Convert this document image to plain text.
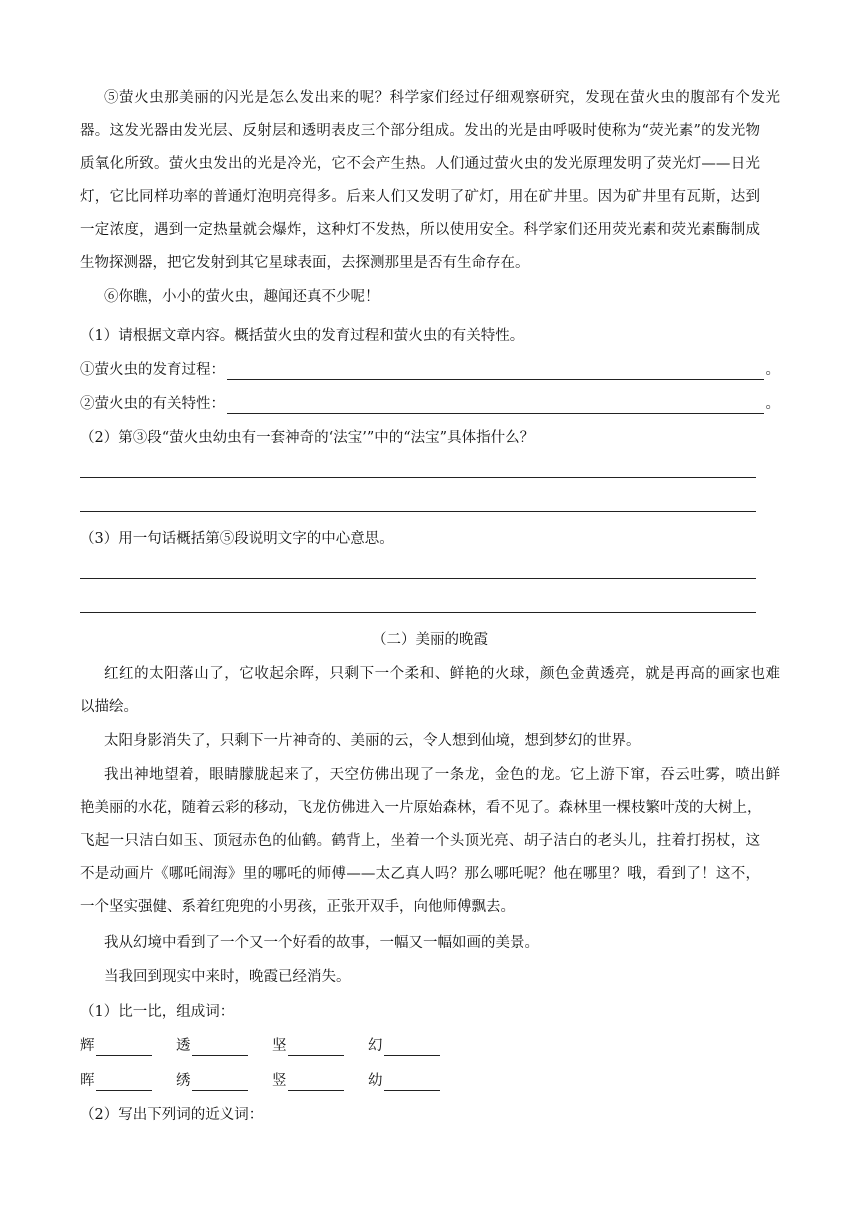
⑤萤火虫那美丽的闪光是怎么发出来的呢？科学家们经过仔细观察研究，发现在萤火虫的腹部有个发光
器。这发光器由发光层、反射层和透明表皮三个部分组成。发出的光是由呼吸时使称为“荧光素”的发光物
质氧化所致。萤火虫发出的光是冷光，它不会产生热。人们通过萤火虫的发光原理发明了荧光灯——日光
灯，它比同样功率的普通灯泡明亮得多。后来人们又发明了矿灯，用在矿井里。因为矿井里有瓦斯，达到
一定浓度，遇到一定热量就会爆炸，这种灯不发热，所以使用安全。科学家们还用荧光素和荧光素酶制成
生物探测器，把它发射到其它星球表面，去探测那里是否有生命存在。
⑥你瞧，小小的萤火虫，趣闻还真不少呢！
（1）请根据文章内容。概括萤火虫的发育过程和萤火虫的有关特性。
①萤火虫的发育过程：	。
②萤火虫的有关特性：	。
（2）第③段“萤火虫幼虫有一套神奇的‘法宝’”中的“法宝”具体指什么？
（3）用一句话概括第⑤段说明文字的中心意思。
（二）美丽的晚霞
红红的太阳落山了，它收起余晖，只剩下一个柔和、鲜艳的火球，颜色金黄透亮，就是再高的画家也难
以描绘。
太阳身影消失了，只剩下一片神奇的、美丽的云，令人想到仙境，想到梦幻的世界。
我出神地望着，眼睛朦胧起来了，天空仿佛出现了一条龙，金色的龙。它上游下窜，吞云吐雾，喷出鲜
艳美丽的水花，随着云彩的移动，飞龙仿佛进入一片原始森林，看不见了。森林里一棵枝繁叶茂的大树上，
飞起一只洁白如玉、顶冠赤色的仙鹤。鹤背上，坐着一个头顶光亮、胡子洁白的老头儿，拄着打拐杖，这
不是动画片《哪吒闹海》里的哪吒的师傅——太乙真人吗？那么哪吒呢？他在哪里？哦，看到了！这不，
一个坚实强健、系着红兜兜的小男孩，正张开双手，向他师傅飘去。
我从幻境中看到了一个又一个好看的故事，一幅又一幅如画的美景。
当我回到现实中来时，晚霞已经消失。
（1）比一比，组成词：
辉	透	坚	幻
晖	绣	竖	幼
（2）写出下列词的近义词：
